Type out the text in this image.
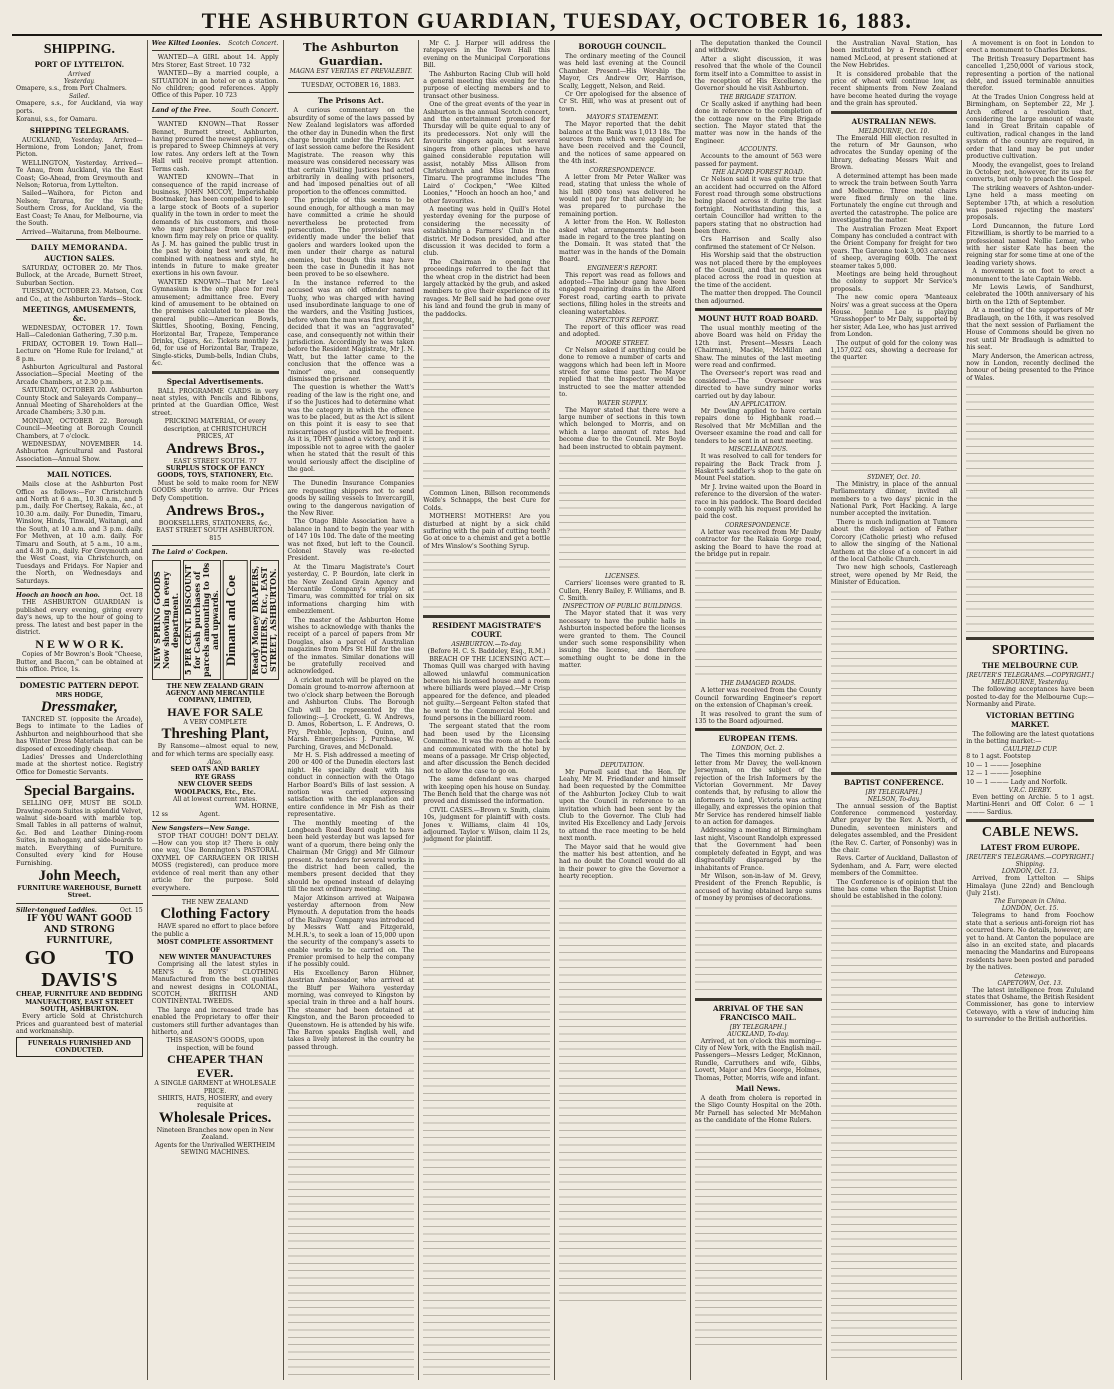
THE ASHBURTON GUARDIAN, TUESDAY, OCTOBER 16, 1883.
SHIPPING.
PORT OF LYTTELTON.
Arrived
Yesterday.
Omapere, s.s., from Port Chalmers.
Sailed.
Omapere, s.s., for Auckland, via way ports.
Koranui, s.s., for Oamaru.
SHIPPING TELEGRAMS.
AUCKLAND, Yesterday. Arrived—Hermione, from London; Janet, from Picton.
WELLINGTON, Yesterday. Arrived—Te Anau, from Auckland, via the East Coast; Go-Ahead, from Greymouth and Nelson; Rotorua, from Lyttelton.
Sailed—Waihora, for Picton and Nelson; Tararua, for the South; Southern Cross, for Auckland, via the East Coast; Te Anau, for Melbourne, via the South.
Arrived—Waitaruna, from Melbourne.
DAILY MEMORANDA.
AUCTION SALES.
SATURDAY, OCTOBER 20. Mr Thos. Bullock, at the Arcade, Burnett Street, Suburban Section.
TUESDAY, OCTOBER 23. Matson, Cox and Co., at the Ashburton Yards—Stock.
MEETINGS, AMUSEMENTS, &c.
WEDNESDAY, OCTOBER 17. Town Hall—Caledonian Gathering, 7.30 p.m.
FRIDAY, OCTOBER 19. Town Hall—Lecture on "Home Rule for Ireland," at 8 p.m.
Ashburton Agricultural and Pastoral Association—Special Meeting of the Arcade Chambers, at 2.30 p.m.
SATURDAY, OCTOBER 20. Ashburton County Stock and Saleyards Company—Annual Meeting of Shareholders at the Arcade Chambers; 3.30 p.m.
MONDAY, OCTOBER 22. Borough Council—Meeting at Borough Council Chambers, at 7 o'clock.
WEDNESDAY, NOVEMBER 14. Ashburton Agricultural and Pastoral Association—Annual Show.
MAIL NOTICES.
Mails close at the Ashburton Post Office as follows:—For Christchurch and North at 6 a.m., 10.30 a.m., and 5 p.m., daily. For Chertsey, Rakaia, &c., at 10.30 a.m. daily. For Dunedin, Timaru, Winslow, Hinds, Tinwald, Waitangi, and the South, at 10 a.m. and 3 p.m. daily. For Methven, at 10 a.m. daily. For Timaru and South, at 5 a.m., 10 a.m., and 4.30 p.m., daily. For Greymouth and the West Coast, via Christchurch, on Tuesdays and Fridays. For Napier and the North, on Wednesdays and Saturdays.
Hooch an hooch an hoo.	Oct. 18
THE ASHBURTON GUARDIAN is published every evening, giving every day's news, up to the hour of going to press. The latest and best paper in the district.
N E W W O R K.
Copies of Mr Bowron's Book "Cheese, Butter, and Bacon," can be obtained at this office. Price, 1s.
DOMESTIC PATTERN DEPOT.
MRS HODGE,
Dressmaker,
TANCRED ST. (opposite the Arcade), Begs to intimate to the Ladies of Ashburton and neighbourhood that she has Winter Dress Materials that can be disposed of exceedingly cheap.
Ladies' Dresses and Underclothing made at the shortest notice. Registry Office for Domestic Servants.
Special Bargains.
SELLING OFF, MUST BE SOLD. Drawing-room Suites in splendid Velvet, walnut side-board with marble top. Small Tables in all patterns of walnut, &c. Bed and Leather Dining-room Suites, in mahogany, and side-boards to match. Everything of Furniture. Consulted every kind for House Furnishing.
John Meech,
FURNITURE WAREHOUSE, Burnett Street.
Siller-tongued Laddies.	Oct. 15
IF YOU WANT GOOD AND STRONG FURNITURE,
GO          TO
DAVIS'S
CHEAP, FURNITURE AND BEDDING MANUFACTORY, EAST STREET SOUTH, ASHBURTON.
Every article Sold at Christchurch Prices and guaranteed best of material and workmanship.
FUNERALS FURNISHED AND CONDUCTED.
Wee Kilted Loonies. Scotch Concert.
WANTED—A GIRL about 14. Apply Mrs Storer, East Street. 10 732
WANTED—By a married couple, a SITUATION in an hotel or on a station. No children; good references. Apply Office of this Paper. 10 723
Land of the Free.	South Concert.
WANTED KNOWN—That Rosser Bennet, Burnett street, Ashburton, having procured the newest appliances, is prepared to Sweep Chimneys at very low rates. Any orders left at the Town Hall will receive prompt attention. Terms cash.
WANTED KNOWN—That in consequence of the rapid increase of business, JOHN MCCOY, Imperishable Bootmaker, has been compelled to keep a large stock of Boots of a superior quality in the town in order to meet the demands of his customers, and those who may purchase from this well-known firm may rely on price or quality. As J. M. has gained the public trust in the past by doing best work and fit, combined with neatness and style, he intends in future to make greater exertions in his own favour.
WANTED KNOWN—That Mr Lee's Gymnasium is the only place for real amusement; admittance free. Every kind of amusement to be obtained on the premises calculated to please the general public—American Bowls, Skittles, Shooting, Boxing, Fencing, Horizontal Bar, Trapeze, Temperance Drinks, Cigars, &c. Tickets monthly 2s 6d, for use of Horizontal Bar, Trapeze, Single-sticks, Dumb-bells, Indian Clubs, &c.
Special Advertisements.
BALL PROGRAMME CARDS in very neat styles, with Pencils and Ribbons, printed at the Guardian Office, West street.
PRICKING MATERIAL, Of every description, at CHRISTCHURCH PRICES, AT
Andrews Bros.,
EAST STREET SOUTH. 77
SURPLUS STOCK OF FANCY GOODS, TOYS, STATIONERY, Etc.
Must be sold to make room for NEW GOODS shortly to arrive. Our Prices Defy Competition.
Andrews Bros.,
BOOKSELLERS, STATIONERS, &c., EAST STREET SOUTH ASHBURTON. 815
The Laird o' Cockpen.
NEW SPRING GOODS Now showing in every department. 5 PER CENT. DISCOUNT for Cash purchases of parcels amounting to 10s and upwards. Dimant and Coe	Ready Money DRAPERS, CLOTHIERS, Etc., EAST STREET, ASHBURTON.
THE NEW ZEALAND GRAIN AGENCY AND MERCANTILE COMPANY, LIMITED,
HAVE FOR SALE
A VERY COMPLETE
Threshing Plant,
By Ransome—almost equal to new, and for which terms are specially easy.
Also,
SEED OATS AND BARLEY
RYE GRASS
NEW CLOVER SEEDS
WOOLPACKS, Etc., Etc.
All at lowest current rates.
WM. HORNE,
12 ss                Agent.
New Sangsters—New Sange.
STOP THAT COUGH! DON'T DELAY.—How can you stop it? There is only one way, Use Bonnington's PASTORAL OXYMEL OF CARRAGEEN OR IRISH MOSS (registered), can produce more evidence of real merit than any other article for the purpose. Sold everywhere.
THE NEW ZEALAND
Clothing Factory
HAVE spared no effort to place before the public a
MOST COMPLETE ASSORTMENT OF
NEW WINTER MANUFACTURES
Comprising all the latest styles in MEN'S & BOYS' CLOTHING Manufactured from the best qualities and newest designs in COLONIAL, SCOTCH, BRITISH AND CONTINENTAL TWEEDS.
The large and increased trade has enabled the Proprietary to offer their customers still further advantages than hitherto, and
THIS SEASON'S GOODS, upon inspection, will be found
CHEAPER THAN EVER.
A SINGLE GARMENT at WHOLESALE PRICE.
SHIRTS, HATS, HOSIERY, and every requisite at
Wholesale Prices.
Nineteen Branches now open in New Zealand.
Agents for the Unrivalled WERTHEIM SEWING MACHINES.
The Ashburton Guardian.
MAGNA EST VERITAS ET PREVALEBIT.
TUESDAY, OCTOBER 16, 1883.
The Prisons Act.
A curious commentary on the absurdity of some of the laws passed by New Zealand legislators was afforded the other day in Dunedin when the first charge brought under the Prisons Act of last session came before the Resident Magistrate. The reason why this measure was considered necessary was that certain Visiting Justices had acted arbitrarily in dealing with prisoners, and had imposed penalties out of all proportion to the offences committed.
The principle of this seems to be sound enough, for although a man may have committed a crime he should nevertheless be protected from persecution. The provision was evidently made under the belief that gaolers and warders looked upon the men under their charge as natural enemies, but though this may have been the case in Dunedin it has not been proved to be so elsewhere.
In the instance referred to the accused was an old offender named Tuohy, who was charged with having used insubordinate language to one of the warders, and the Visiting Justices, before whom the man was first brought, decided that it was an "aggravated" case, and consequently not within their jurisdiction. Accordingly he was taken before the Resident Magistrate, Mr J. N. Watt, but the latter came to the conclusion that the offence was a "minor" one, and consequently dismissed the prisoner.
The question is whether the Watt's reading of the law is the right one, and if so the Justices had to determine what was the category in which the offence was to be placed, but as the Act is silent on this point it is easy to see that miscarriages of justice will be frequent. As it is, TOHY gained a victory, and it is impossible not to agree with the gaoler when he stated that the result of this would seriously affect the discipline of the gaol.
The Dunedin Insurance Companies are requesting shippers not to send goods by sailing vessels to Invercargill, owing to the dangerous navigation of the New River.
The Otago Bible Association have a balance in hand to begin the year with of 147 10s 10d. The date of the meeting was not fixed, but left to the Council. Colonel Stavely was re-elected President.
At the Timaru Magistrate's Court yesterday, C. P. Bourdon, late clerk in the New Zealand Grain Agency and Mercantile Company's employ at Timaru, was committed for trial on six informations charging him with embezzlement.
The master of the Ashburton Home wishes to acknowledge with thanks the receipt of a parcel of papers from Mr Douglas, also a parcel of Australian magazines from Mrs St Hill for the use of the inmates. Similar donations will be gratefully received and acknowledged.
A cricket match will be played on the Domain ground to-morrow afternoon at two o'clock sharp between the Borough and Ashburton Clubs. The Borough Club will be represented by the following:—J. Crockett, G. W. Andrews, D. Amos, Robertson, L. F. Andrews, O. Fry, Prebble, Jephson, Quinn, and Marsh. Emergencies: J. Purchase, W. Parching, Graves, and McDonald.
Mr H. S. Fish addressed a meeting of 200 or 400 of the Dunedin electors last night. He specially dealt with his conduct in connection with the Otago Harbor Board's Bills of last session. A motion was carried expressing satisfaction with the explanation and entire confidence in Mr Fish as their representative.
The monthly meeting of the Longbeach Road Board ought to have been held yesterday but was lapsed for want of a quorum, there being only the Chairman (Mr Grigg) and Mr Gilmour present. As tenders for several works in the district had been called, the members present decided that they should be opened instead of delaying till the next ordinary meeting.
Major Atkinson arrived at Waipawa yesterday afternoon from New Plymouth. A deputation from the heads of the Railway Company was introduced by Messrs Watt and Fitzgerald, M.H.R.'s, to seek a loan of 15,000 upon the security of the company's assets to enable works to be carried on. The Premier promised to help the company if he possibly could.
His Excellency Baron Hübner, Austrian Ambassador, who arrived at the Bluff per Waihora yesterday morning, was conveyed to Kingston by special train in three and a half hours. The steamer had been detained at Kingston, and the Baron proceeded to Queenstown. He is attended by his wife. The Baron speaks English well, and takes a lively interest in the country he passed through.
Mr C. J. Harper will address the ratepayers in the Town Hall this evening on the Municipal Corporations Bill.
The Ashburton Racing Club will hold a general meeting this evening for the purpose of electing members and to transact other business.
One of the great events of the year in Ashburton is the annual Scotch concert, and the entertainment promised for Thursday will be quite equal to any of its predecessors. Not only will the favourite singers again, but several singers from other places who have gained considerable reputation will assist, notably Miss Allison from Christchurch and Miss Innes from Timaru. The programme includes "The Laird o' Cockpen," "Wee Kilted Loonies," "Hooch an hooch an hoo," and other favourites.
A meeting was held in Quill's Hotel yesterday evening for the purpose of considering the necessity of establishing a Farmers' Club in the district. Mr Dodson presided, and after discussion it was decided to form a club.
The Chairman in opening the proceedings referred to the fact that the wheat crop in the district had been largely attacked by the grub, and asked members to give their experience of its ravages. Mr Bell said he had gone over his land and found the grub in many of the paddocks.
Common Linen, Billson recommends Wolfe's Schnapps, the best Cure for Colds.
MOTHERS! MOTHERS! Are you disturbed at night by a sick child suffering with the pain of cutting teeth? Go at once to a chemist and get a bottle of Mrs Winslow's Soothing Syrup.
RESIDENT MAGISTRATE'S COURT.
ASHBURTON.—To-day.
(Before H. C. S. Baddeley, Esq., R.M.)
BREACH OF THE LICENSING ACT.—Thomas Quill was charged with having allowed unlawful communication between his licensed house and a room where billiards were played.—Mr Crisp appeared for the defence, and pleaded not guilty.—Sergeant Felton stated that he went to the Commercial Hotel and found persons in the billiard room.
The sergeant stated that the room had been used by the Licensing Committee. It was the room at the back and communicated with the hotel by means of a passage. Mr Crisp objected, and after discussion the Bench decided not to allow the case to go on.
The same defendant was charged with keeping open his house on Sunday. The Bench held that the charge was not proved and dismissed the information.
CIVIL CASES.—Brown v. Smith, claim 10s, judgment for plaintiff with costs. Jones v. Williams, claim 4l 10s, adjourned. Taylor v. Wilson, claim 1l 2s, judgment for plaintiff.
BOROUGH COUNCIL.
The ordinary meeting of the Council was held last evening at the Council Chamber. Present—His Worship the Mayor, Crs Andrew Orr, Harrison, Scally, Leggett, Nelson, and Reid.
Cr Orr apologised for the absence of Cr St. Hill, who was at present out of town.
MAYOR'S STATEMENT.
The Mayor reported that the debit balance at the Bank was 1,013 18s. The sources from which were applied for have been received and the Council, and the notices of same appeared on the 4th inst.
CORRESPONDENCE.
A letter from Mr Peter Walker was read, stating that unless the whole of his bill (800 tons) was delivered he would not pay for that already in; he was prepared to purchase the remaining portion.
A letter from the Hon. W. Rolleston asked what arrangements had been made in regard to the tree planting on the Domain. It was stated that the matter was in the hands of the Domain Board.
ENGINEER'S REPORT.
This report was read as follows and adopted:—The labour gang have been engaged repairing drains in the Alford Forest road, carting earth to private sections, filling holes in the streets and cleaning watertables.
INSPECTOR'S REPORT.
The report of this officer was read and adopted.
MOORE STREET.
Cr Nelson asked if anything could be done to remove a number of carts and waggons which had been left in Moore street for some time past. The Mayor replied that the Inspector would be instructed to see the matter attended to.
WATER SUPPLY.
The Mayor stated that there were a large number of sections in this town which belonged to Morris, and on which a large amount of rates had become due to the Council. Mr Boyle had been instructed to obtain payment.
LICENSES.
Carriers' licenses were granted to R. Cullen, Henry Bailey, F. Williams, and B. C. Smith.
INSPECTION OF PUBLIC BUILDINGS.
The Mayor stated that it was very necessary to have the public halls in Ashburton inspected before the licenses were granted to them. The Council under such some responsibility when issuing the license, and therefore something ought to be done in the matter.
DEPUTATION.
Mr Purnell said that the Hon. Dr Leahy, Mr M. Friedlander and himself had been requested by the Committee of the Ashburton Jockey Club to wait upon the Council in reference to an invitation which had been sent by the Club to the Governor. The Club had invited His Excellency and Lady Jervois to attend the race meeting to be held next month.
The Mayor said that he would give the matter his best attention, and he had no doubt the Council would do all in their power to give the Governor a hearty reception.
The deputation thanked the Council and withdrew.
After a slight discussion, it was resolved that the whole of the Council form itself into a Committee to assist in the reception of His Excellency the Governor should he visit Ashburton.
THE BRIGADE STATION.
Cr Scally asked if anything had been done in reference to the completion of the cottage now on the Fire Brigade section. The Mayor stated that the matter was now in the hands of the Engineer.
ACCOUNTS.
Accounts to the amount of 563 were passed for payment.
THE ALFORD FOREST ROAD.
Cr Nelson said it was quite true that an accident had occurred on the Alford Forest road through some obstructions being placed across it during the last fortnight. Notwithstanding this, a certain Councillor had written to the papers stating that no obstruction had been there.
Crs Harrison and Scally also confirmed the statement of Cr Nelson.
His Worship said that the obstruction was not placed there by the employees of the Council, and that no rope was placed across the road in question at the time of the accident.
The matter then dropped. The Council then adjourned.
MOUNT HUTT ROAD BOARD.
The usual monthly meeting of the above Board was held on Friday the 12th inst. Present—Messrs Leach (Chairman), Mackie, McMillan and Shaw. The minutes of the last meeting were read and confirmed.
The Overseer's report was read and considered.—The Overseer was directed to have sundry minor works carried out by day labour.
AN APPLICATION.
Mr Dowling applied to have certain repairs done to Highbank road.—Resolved that Mr McMillan and the Overseer examine the road and call for tenders to be sent in at next meeting.
MISCELLANEOUS.
It was resolved to call for tenders for repairing the Back Track from J. Haskett's saddler's shop to the gate on Mount Peel station.
Mr J. Irvine waited upon the Board in reference to the diversion of the water-race in his paddock. The Board decided to comply with his request provided he paid the cost.
CORRESPONDENCE.
A letter was received from Mr Dauby contractor for the Rakaia Gorge road, asking the Board to have the road at the bridge put in repair.
THE DAMAGED ROADS.
A letter was received from the County Council forwarding Engineer's report on the extension of Chapman's creek.
It was resolved to grant the sum of 135 to the Board adjourned.
EUROPEAN ITEMS.
LONDON, Oct. 2.
The Times this morning publishes a letter from Mr Davey, the well-known Jerseyman, on the subject of the rejection of the Irish Informers by the Victorian Government. Mr Davey contends that, by refusing to allow the informers to land, Victoria was acting illegally, and expresses the opinion that Mr Service has rendered himself liable to an action for damages.
Addressing a meeting at Birmingham last night, Viscount Randolph expressed that the Government had been completely defeated in Egypt, and was disgracefully disparaged by the inhabitants of France.
Mr Wilson, son-in-law of M. Grevy, President of the French Republic, is accused of having obtained large sums of money by promises of decorations.
ARRIVAL OF THE SAN FRANCISCO MAIL.
[BY TELEGRAPH.]
AUCKLAND, To-day.
Arrived, at ten o'clock this morning—City of New York, with the English mail. Passengers—Messrs Ledger, McKinnon, Rundle, Carruthers and wife, Gibbs, Lovett, Major and Mrs George, Holmes, Thomas, Potter, Morris, wife and infant.
Mail News.
A death from cholera is reported in the Sligo County Hospital on the 20th. Mr Parnell has selected Mr McMahon as the candidate of the Home Rulers.
the Australian Naval Station, has been instituted by a French officer named McLeod, at present stationed at the New Hebrides.
It is considered probable that the price of wheat will continue low, as recent shipments from New Zealand have become heated during the voyage and the grain has sprouted.
AUSTRALIAN NEWS.
MELBOURNE, Oct. 10.
The Emerald Hill election resulted in the return of Mr Gaunson, who advocates the Sunday opening of the library, defeating Messrs Wait and Brown.
A determined attempt has been made to wreck the train between South Yarra and Melbourne. Three metal chairs were fixed firmly on the line. Fortunately the engine cut through and averted the catastrophe. The police are investigating the matter.
The Australian Frozen Meat Export Company has concluded a contract with the Orient Company for freight for two years. The Garonne took 3,003 carcases of sheep, averaging 60lb. The next steamer takes 5,000.
Meetings are being held throughout the colony to support Mr Service's proposals.
The new comic opera 'Manteaux Noirs' was a great success at the Opera House. Jennie Lee is playing "Grasshopper" to Mr Daly, supported by her sister, Ada Lee, who has just arrived from London.
The output of gold for the colony was 1,157,022 ozs, showing a decrease for the quarter.
SYDNEY, Oct. 10.
The Ministry, in place of the annual Parliamentary dinner, invited all members to a two days' picnic in the National Park, Port Hacking. A large number accepted the invitation.
There is much indignation at Tumora about the disloyal action of Father Corcory (Catholic priest) who refused to allow the singing of the National Anthem at the close of a concert in aid of the local Catholic Church.
Two new high schools, Castlereagh street, were opened by Mr Reid, the Minister of Education.
BAPTIST CONFERENCE.
[BY TELEGRAPH.]
NELSON, To-day.
The annual session of the Baptist Conference commenced yesterday. After prayer by the Rev. A. North, of Dunedin, seventeen ministers and delegates assembled, and the President (the Rev. C. Carter, of Ponsonby) was in the chair.
Revs. Carter of Auckland, Dallaston of Sydenham, and A. Farr, were elected members of the Committee.
The Conference is of opinion that the time has come when the Baptist Union should be established in the colony.
A movement is on foot in London to erect a monument to Charles Dickens.
The British Treasury Department has cancelled 1,250,000l of various stock, representing a portion of the national debt, and issued terminable annuities therefor.
At the Trades Union Congress held at Birmingham, on September 22, Mr J. Arch offered a resolution that, considering the large amount of waste land in Great Britain capable of cultivation, radical changes in the land system of the country are required, in order that land may be put under productive cultivation.
Moody, the evangelist, goes to Ireland in October, not, however, for its use for converts, but only to preach the Gospel.
The striking weavers of Ashton-under-Lyne held a mass meeting on September 17th, at which a resolution was passed rejecting the masters' proposals.
Lord Duncannon, the future Lord Fitzwilliam, is shortly to be married to a professional named Nellie Lemar, who with her sister Kate has been the reigning star for some time at one of the leading variety shows.
A movement is on foot to erect a monument to the late Captain Webb.
Mr Lewis Lewis, of Sandhurst, celebrated the 100th anniversary of his birth on the 12th of September.
At a meeting of the supporters of Mr Bradlaugh, on the 16th, it was resolved that the next session of Parliament the House of Commons should be given no rest until Mr Bradlaugh is admitted to his seat.
Mary Anderson, the American actress, now in London, recently declined the honour of being presented to the Prince of Wales.
SPORTING.
THE MELBOURNE CUP.
[REUTER'S TELEGRAMS.—COPYRIGHT.]
MELBOURNE, Yesterday.
The following acceptances have been posted to-day for the Melbourne Cup:—Normanby and Pirate.
VICTORIAN BETTING MARKET.
The following are the latest quotations in the betting market:—
CAULFIELD CUP.
8 to 1 agst. Footstep
10 — 1 ——— Josephine
12 — 1 ——— Josephine
10 — 1 ——— Lady and Norfolk.
V.R.C. DERBY.
Even betting on Archie. 5 to 1 agst. Martini-Henri and Off Color. 6 — 1 ——— Sardius.
CABLE NEWS.
LATEST FROM EUROPE.
[REUTER'S TELEGRAMS.—COPYRIGHT.]
Shipping.
LONDON, Oct. 13.
Arrived, from Lyttelton — Ships Himalaya (June 22nd) and Benclough (July 21st).
The European in China.
LONDON, Oct. 15.
Telegrams to hand from Foochow state that a serious anti-foreign riot has occurred there. No details, however, are yet to hand. At Canton the populace are also in an excited state, and placards menacing the Mandarins and Europeans residents have been posted and paraded by the natives.
Cetewayo.
CAPETOWN, Oct. 13.
The latest intelligence from Zululand states that Oshame, the British Resident Commissioner, has gone to interview Cetewayo, with a view of inducing him to surrender to the British authorities.
